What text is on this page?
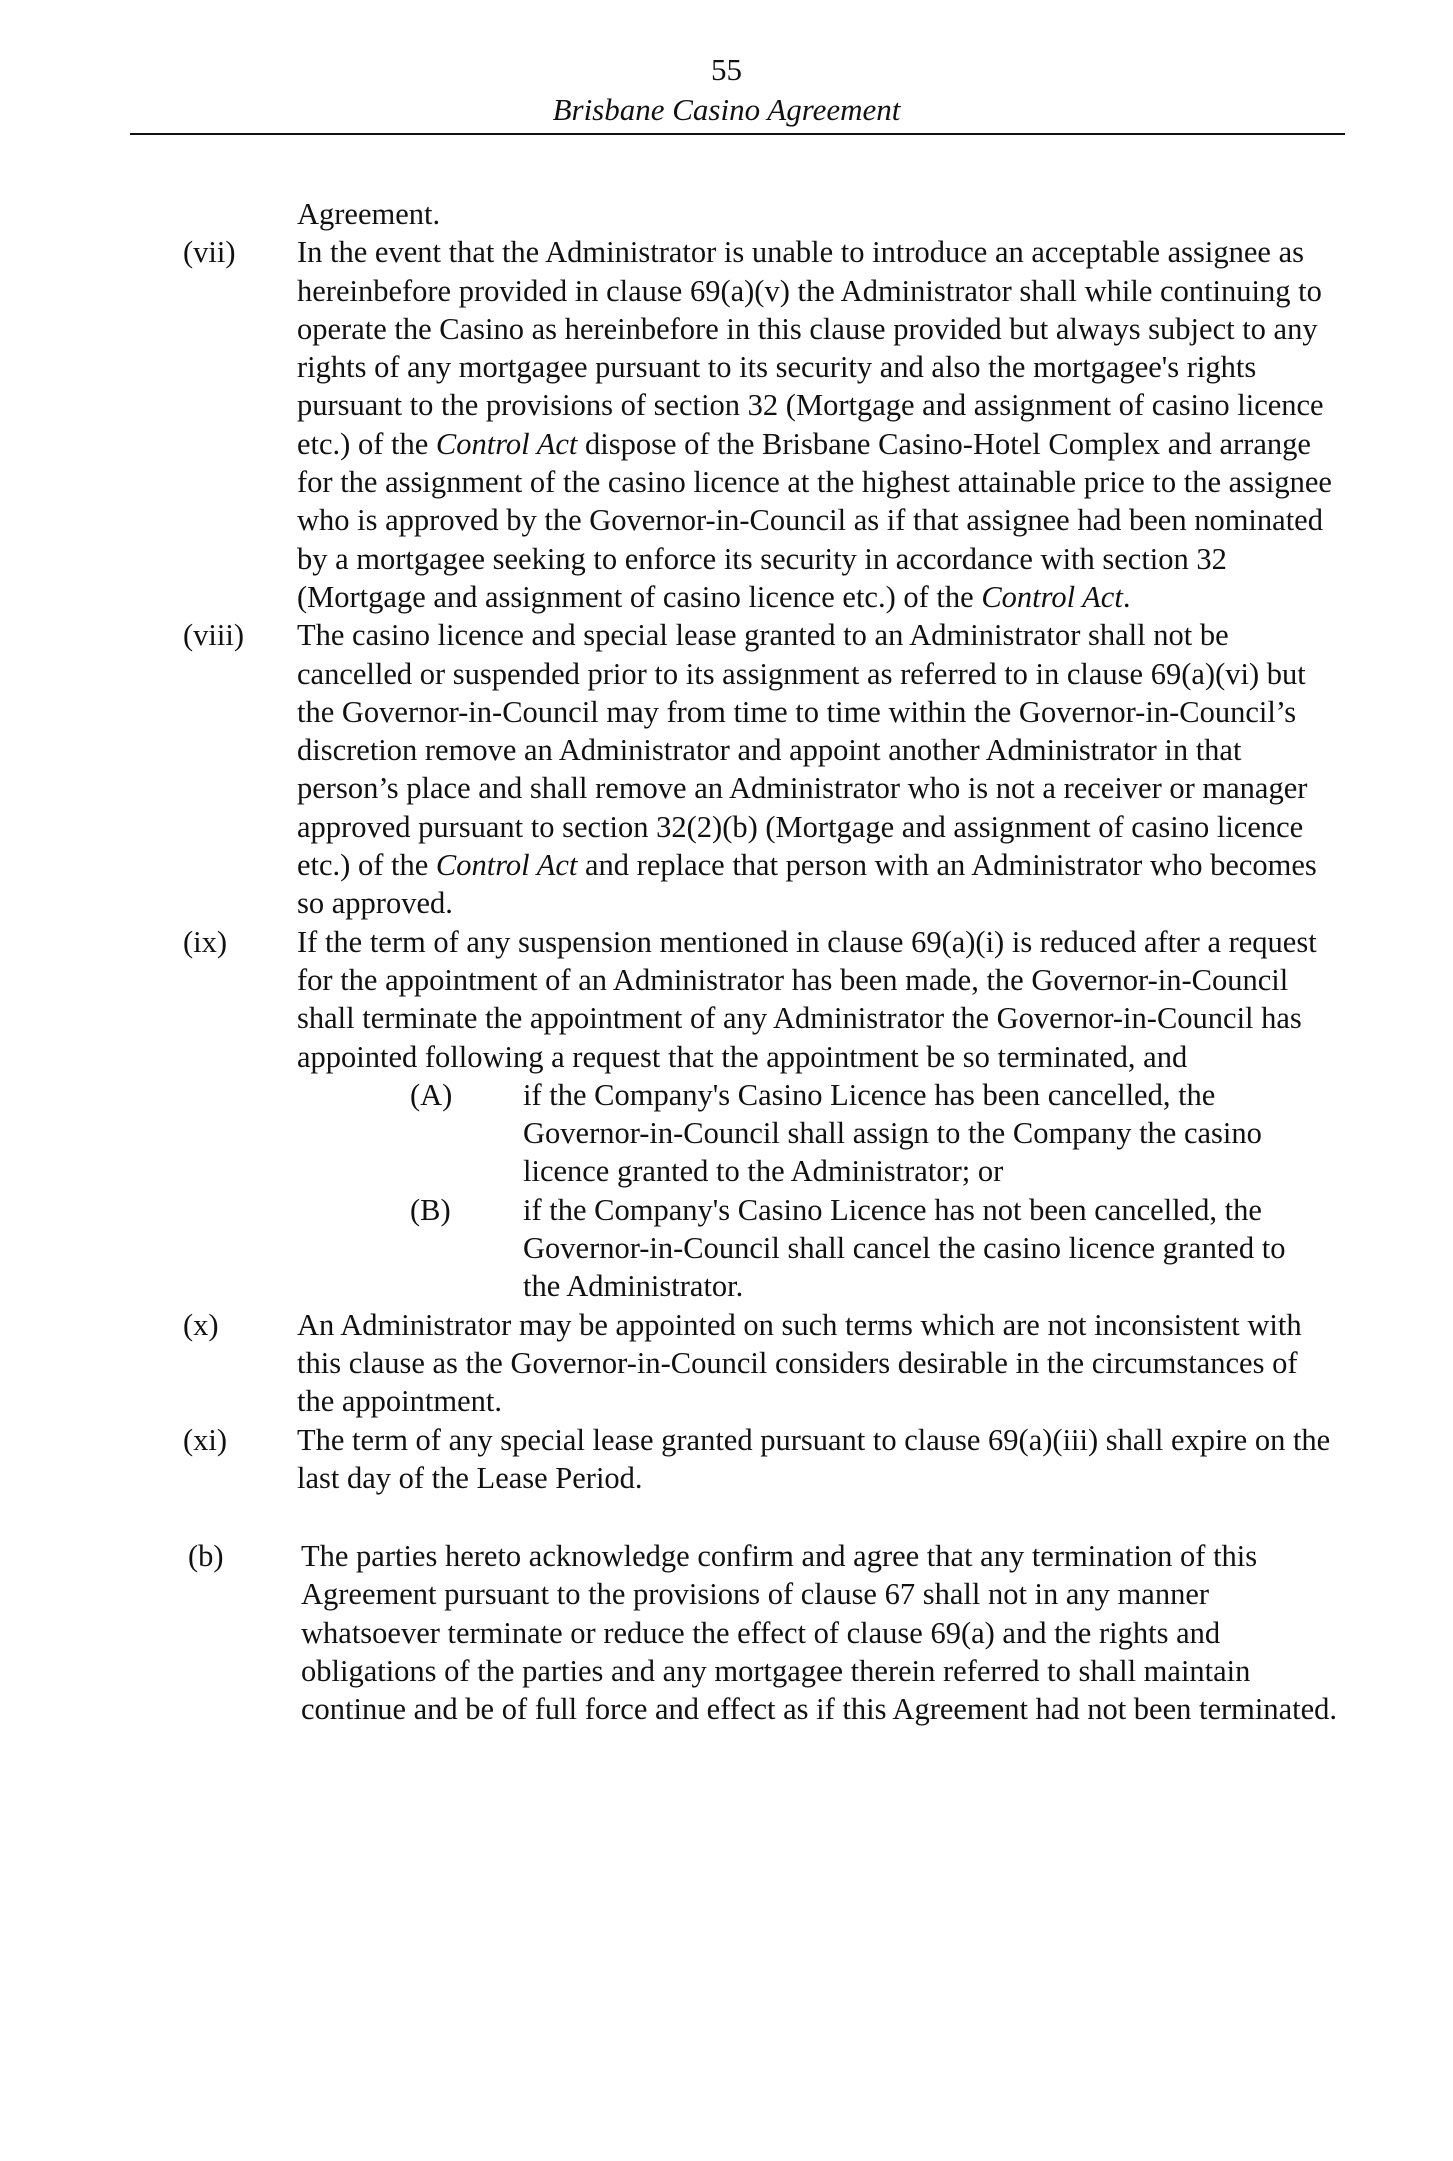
55
Brisbane Casino Agreement
Agreement.
(vii) In the event that the Administrator is unable to introduce an acceptable assignee as hereinbefore provided in clause 69(a)(v) the Administrator shall while continuing to operate the Casino as hereinbefore in this clause provided but always subject to any rights of any mortgagee pursuant to its security and also the mortgagee's rights pursuant to the provisions of section 32 (Mortgage and assignment of casino licence etc.) of the Control Act dispose of the Brisbane Casino-Hotel Complex and arrange for the assignment of the casino licence at the highest attainable price to the assignee who is approved by the Governor-in-Council as if that assignee had been nominated by a mortgagee seeking to enforce its security in accordance with section 32 (Mortgage and assignment of casino licence etc.) of the Control Act.
(viii) The casino licence and special lease granted to an Administrator shall not be cancelled or suspended prior to its assignment as referred to in clause 69(a)(vi) but the Governor-in-Council may from time to time within the Governor-in-Council’s discretion remove an Administrator and appoint another Administrator in that person’s place and shall remove an Administrator who is not a receiver or manager approved pursuant to section 32(2)(b) (Mortgage and assignment of casino licence etc.) of the Control Act and replace that person with an Administrator who becomes so approved.
(ix) If the term of any suspension mentioned in clause 69(a)(i) is reduced after a request for the appointment of an Administrator has been made, the Governor-in-Council shall terminate the appointment of any Administrator the Governor-in-Council has appointed following a request that the appointment be so terminated, and
(A) if the Company's Casino Licence has been cancelled, the Governor-in-Council shall assign to the Company the casino licence granted to the Administrator; or
(B) if the Company's Casino Licence has not been cancelled, the Governor-in-Council shall cancel the casino licence granted to the Administrator.
(x)	An Administrator may be appointed on such terms which are not inconsistent with this clause as the Governor-in-Council considers desirable in the circumstances of the appointment.
(xi) The term of any special lease granted pursuant to clause 69(a)(iii) shall expire on the last day of the Lease Period.
(b)	The parties hereto acknowledge confirm and agree that any termination of this Agreement pursuant to the provisions of clause 67 shall not in any manner whatsoever terminate or reduce the effect of clause 69(a) and the rights and obligations of the parties and any mortgagee therein referred to shall maintain continue and be of full force and effect as if this Agreement had not been terminated.
